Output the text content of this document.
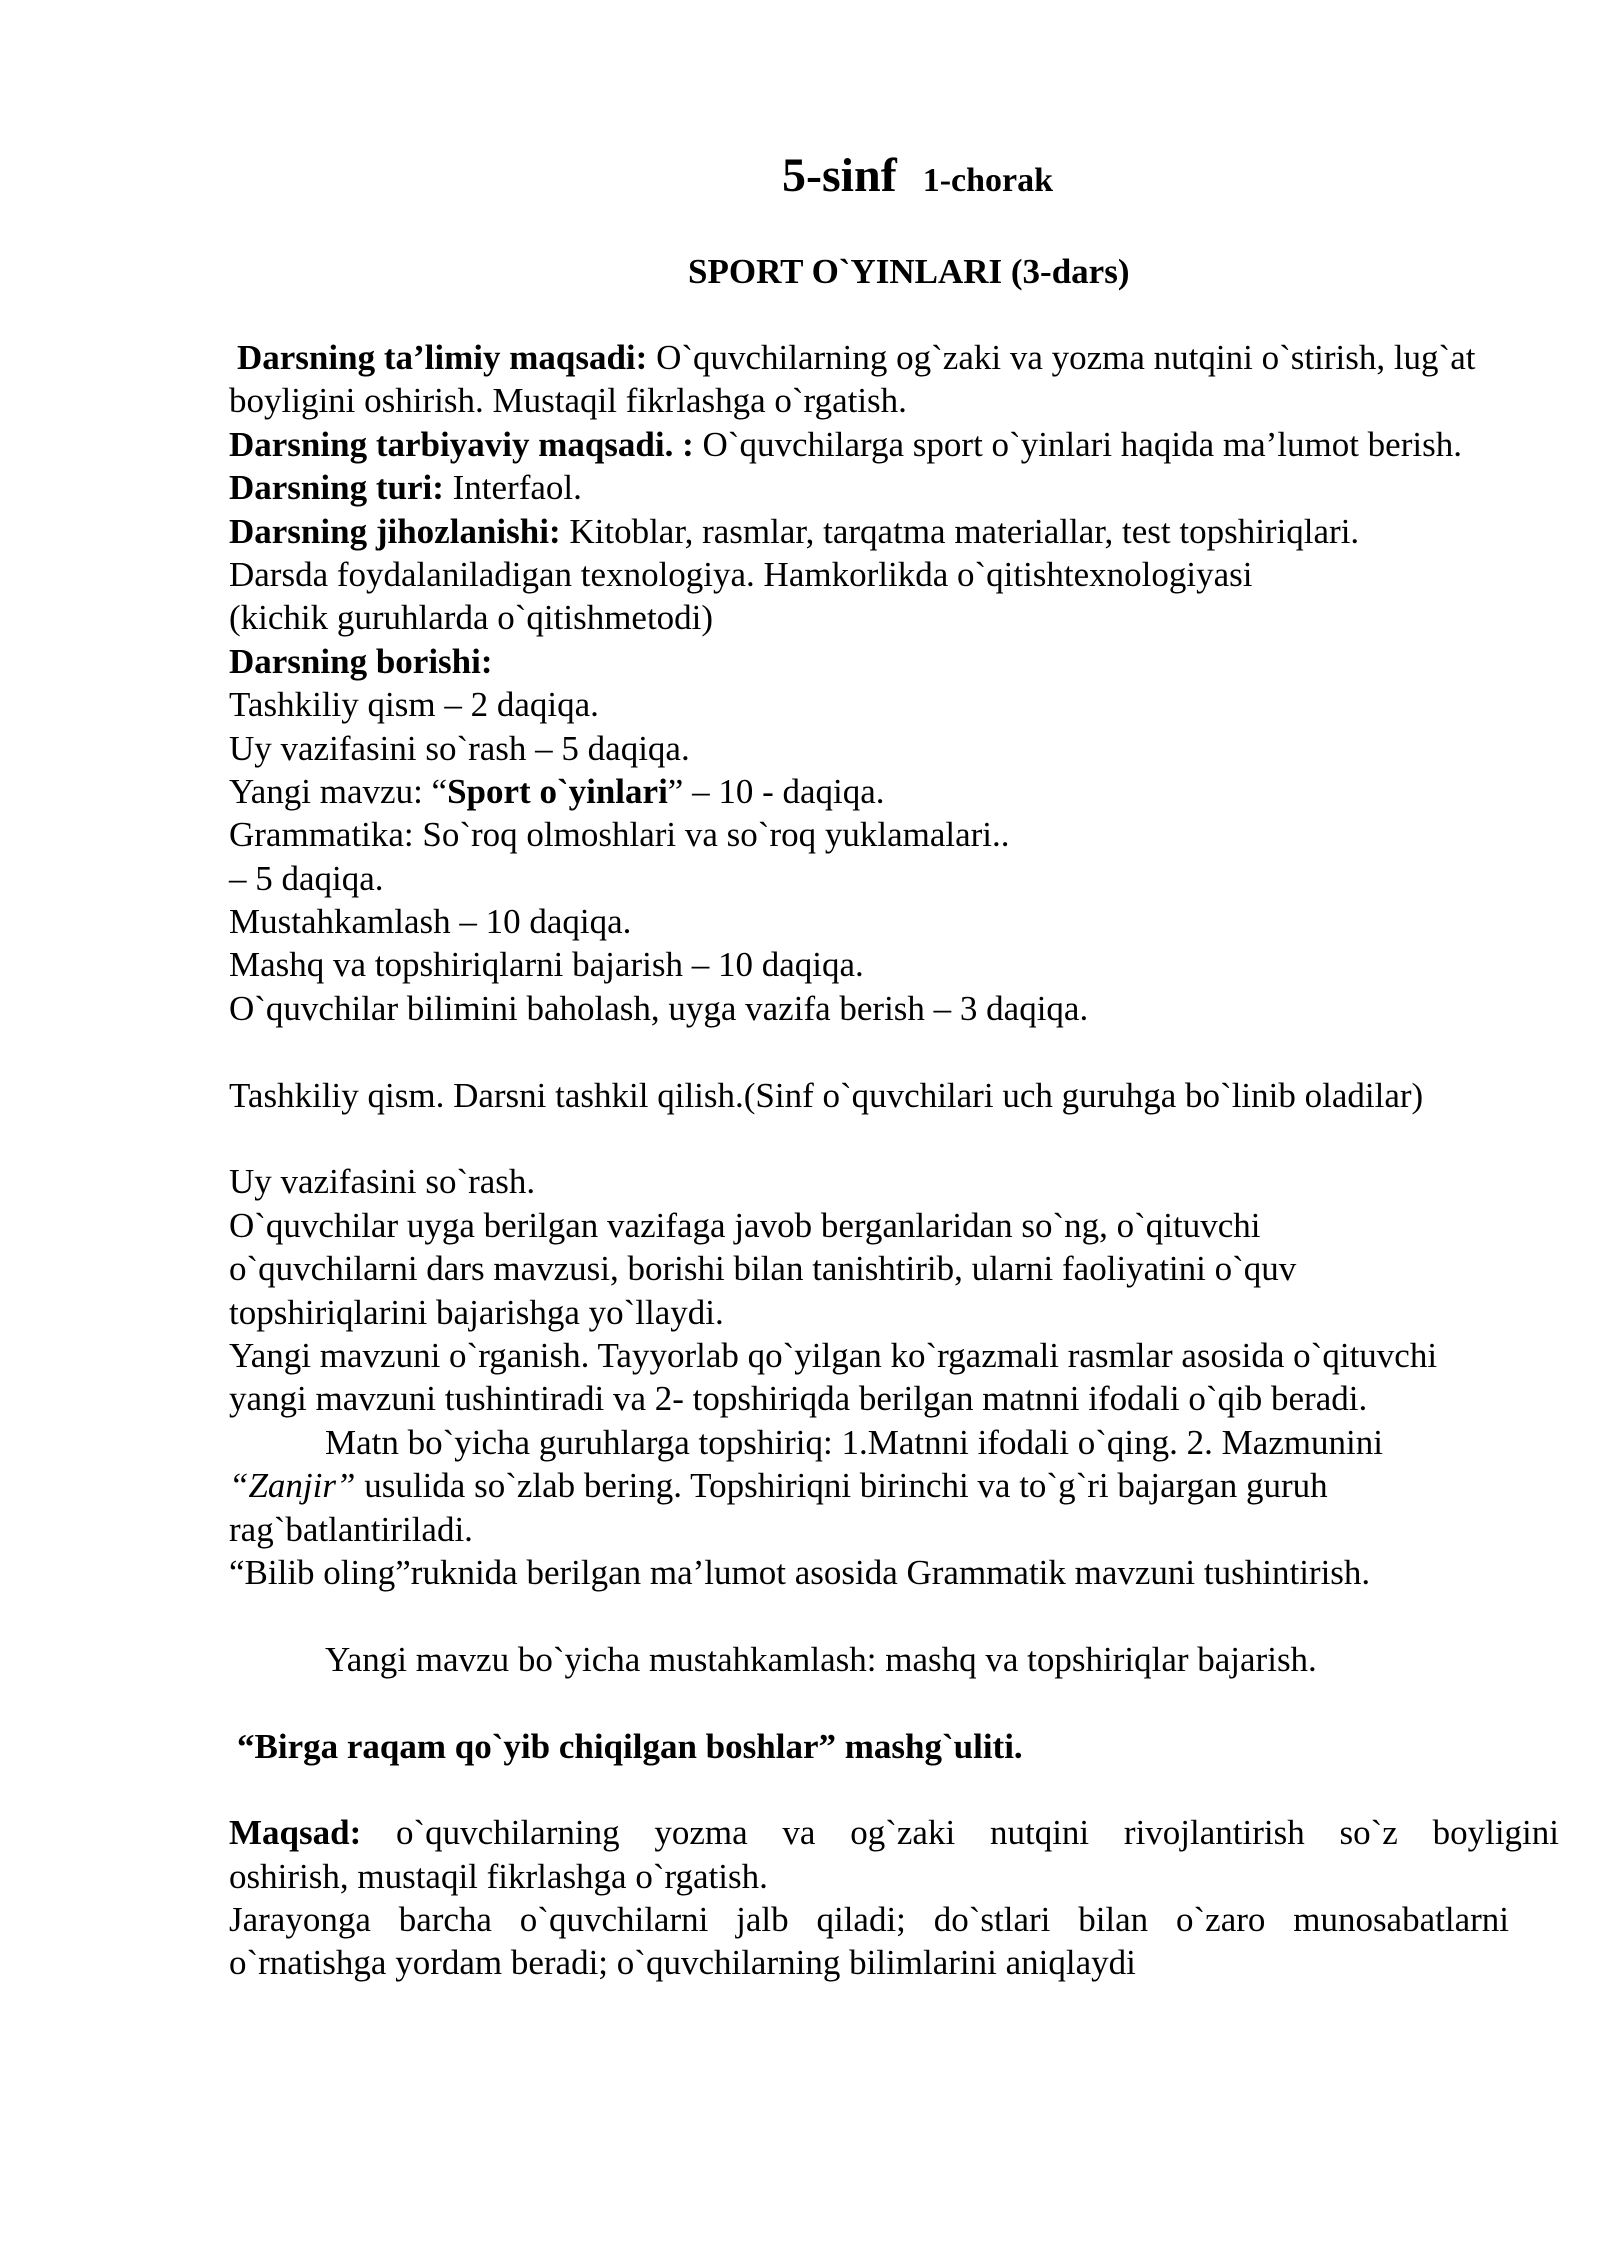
5-sinf 1-chorak
SPORT O`YINLARI (3-dars)
Darsning ta’limiy maqsadi: O`quvchilarning og`zaki va yozma nutqini o`stirish, lug`at
boyligini oshirish. Mustaqil fikrlashga o`rgatish.
Darsning tarbiyaviy maqsadi. : O`quvchilarga sport o`yinlari haqida ma’lumot berish.
Darsning turi: Interfaol.
Darsning jihozlanishi: Kitoblar, rasmlar, tarqatma materiallar, test topshiriqlari.
Darsda foydalaniladigan texnologiya. Hamkorlikda o`qitishtexnologiyasi
(kichik guruhlarda o`qitishmetodi)
Darsning borishi:
Tashkiliy qism – 2 daqiqa.
Uy vazifasini so`rash – 5 daqiqa.
Yangi mavzu: “Sport o`yinlari” – 10 - daqiqa.
Grammatika: So`roq olmoshlari va so`roq yuklamalari..
– 5 daqiqa.
Mustahkamlash – 10 daqiqa.
Mashq va topshiriqlarni bajarish – 10 daqiqa.
O`quvchilar bilimini baholash, uyga vazifa berish – 3 daqiqa.
Tashkiliy qism. Darsni tashkil qilish.(Sinf o`quvchilari uch guruhga bo`linib oladilar)
Uy vazifasini so`rash.
O`quvchilar uyga berilgan vazifaga javob berganlaridan so`ng, o`qituvchi
o`quvchilarni dars mavzusi, borishi bilan tanishtirib, ularni faoliyatini o`quv
topshiriqlarini bajarishga yo`llaydi.
Yangi mavzuni o`rganish. Tayyorlab qo`yilgan ko`rgazmali rasmlar asosida o`qituvchi
yangi mavzuni tushintiradi va 2- topshiriqda berilgan matnni ifodali o`qib beradi.
Matn bo`yicha guruhlarga topshiriq: 1.Matnni ifodali o`qing. 2. Mazmunini
“Zanjir” usulida so`zlab bering. Topshiriqni birinchi va to`g`ri bajargan guruh
rag`batlantiriladi.
“Bilib oling”ruknida berilgan ma’lumot asosida Grammatik mavzuni tushintirish.
Yangi mavzu bo`yicha mustahkamlash: mashq va topshiriqlar bajarish.
“Birga raqam qo`yib chiqilgan boshlar” mashg`uliti.
Maqsad: o`quvchilarning yozma va og`zaki nutqini rivojlantirish so`z boyligini
oshirish, mustaqil fikrlashga o`rgatish.
Jarayonga barcha o`quvchilarni jalb qiladi; do`stlari bilan o`zaro munosabatlarni
o`rnatishga yordam beradi; o`quvchilarning bilimlarini aniqlaydi
